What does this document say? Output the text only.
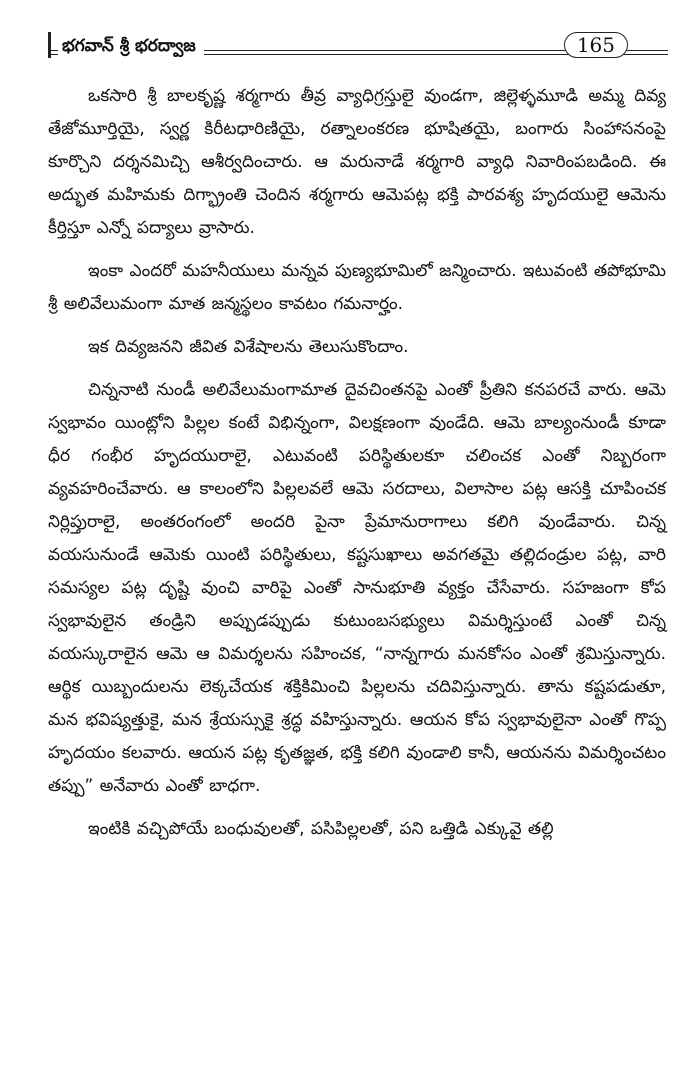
భగవాన్ శ్రీ భరద్వాజ	165

ఒకసారి శ్రీ బాలకృష్ణ శర్మగారు తీవ్ర వ్యాధిగ్రస్తులై వుండగా, జిల్లెళ్ళమూడి అమ్మ దివ్య తేజోమూర్తియై, స్వర్ణ కిరీటధారిణియై, రత్నాలంకరణ భూషితయై, బంగారు సింహాసనంపై కూర్చొని దర్శనమిచ్చి ఆశీర్వదించారు. ఆ మరునాడే శర్మగారి వ్యాధి నివారింపబడింది. ఈ అద్భుత మహిమకు దిగ్భ్రాంతి చెందిన శర్మగారు ఆమెపట్ల భక్తి పారవశ్య హృదయులై ఆమెను కీర్తిస్తూ ఎన్నో పద్యాలు వ్రాసారు.

ఇంకా ఎందరో మహనీయులు మన్నవ పుణ్యభూమిలో జన్మించారు. ఇటువంటి తపోభూమి శ్రీ అలివేలుమంగా మాత జన్మస్థలం కావటం గమనార్హం.

ఇక దివ్యజనని జీవిత విశేషాలను తెలుసుకొందాం.

చిన్ననాటి నుండీ అలివేలుమంగామాత దైవచింతనపై ఎంతో ప్రీతిని కనపరచే వారు. ఆమె స్వభావం యింట్లోని పిల్లల కంటే విభిన్నంగా, విలక్షణంగా వుండేది. ఆమె బాల్యంనుండీ కూడా ధీర గంభీర హృదయురాలై, ఎటువంటి పరిస్థితులకూ చలించక ఎంతో నిబ్బరంగా వ్యవహరించేవారు. ఆ కాలంలోని పిల్లలవలే ఆమె సరదాలు, విలాసాల పట్ల ఆసక్తి చూపించక నిర్లిప్తురాలై, అంతరంగంలో అందరి పైనా ప్రేమానురాగాలు కలిగి వుండేవారు. చిన్న వయసునుండే ఆమెకు యింటి పరిస్థితులు, కష్టసుఖాలు అవగతమై తల్లిదండ్రుల పట్ల, వారి సమస్యల పట్ల దృష్టి వుంచి వారిపై ఎంతో సానుభూతి వ్యక్తం చేసేవారు. సహజంగా కోప స్వభావులైన తండ్రిని అప్పుడప్పుడు కుటుంబసభ్యులు విమర్శిస్తుంటే ఎంతో చిన్న వయస్కురాలైన ఆమె ఆ విమర్శలను సహించక, “నాన్నగారు మనకోసం ఎంతో శ్రమిస్తున్నారు. ఆర్థిక యిబ్బందులను లెక్కచేయక శక్తికిమించి పిల్లలను చదివిస్తున్నారు. తాను కష్టపడుతూ, మన భవిష్యత్తుకై, మన శ్రేయస్సుకై శ్రద్ధ వహిస్తున్నారు. ఆయన కోప స్వభావులైనా ఎంతో గొప్ప హృదయం కలవారు. ఆయన పట్ల కృతజ్ఞత, భక్తి కలిగి వుండాలి కానీ, ఆయనను విమర్శించటం తప్పు” అనేవారు ఎంతో బాధగా.

ఇంటికి వచ్చిపోయే బంధువులతో, పసిపిల్లలతో, పని ఒత్తిడి ఎక్కువై తల్లి
